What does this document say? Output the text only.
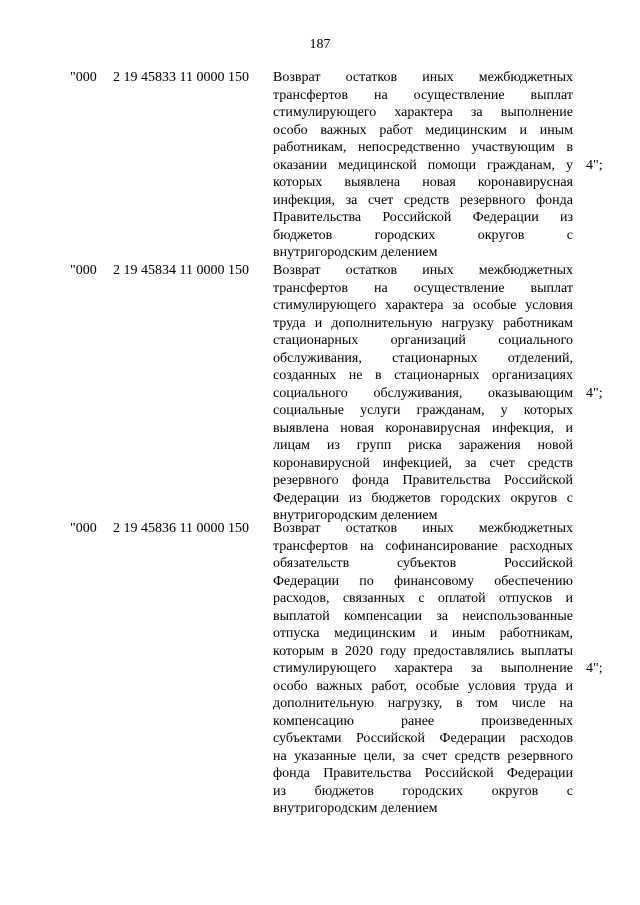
187
"000 2 19 45833 11 0000 150 Возврат остатков иных межбюджетных
трансфертов на осуществление выплат
стимулирующего характера за выполнение
особо важных работ медицинским и иным
работникам, непосредственно участвующим в
оказании медицинской помощи гражданам, у
которых выявлена новая коронавирусная
инфекция, за счет средств резервного фонда
Правительства Российской Федерации из
бюджетов городских округов с
внутригородским делением
4";
"000 2 19 45834 11 0000 150 Возврат остатков иных межбюджетных
трансфертов на осуществление выплат
стимулирующего характера за особые условия
труда и дополнительную нагрузку работникам
стационарных организаций социального
обслуживания, стационарных отделений,
созданных не в стационарных организациях
социального обслуживания, оказывающим
социальные услуги гражданам, у которых
выявлена новая коронавирусная инфекция, и
лицам из групп риска заражения новой
коронавирусной инфекцией, за счет средств
резервного фонда Правительства Российской
Федерации из бюджетов городских округов с
внутригородским делением
4";
"000 2 19 45836 11 0000 150 Возврат остатков иных межбюджетных
трансфертов на софинансирование расходных
обязательств субъектов Российской
Федерации по финансовому обеспечению
расходов, связанных с оплатой отпусков и
выплатой компенсации за неиспользованные
отпуска медицинским и иным работникам,
которым в 2020 году предоставлялись выплаты
стимулирующего характера за выполнение
особо важных работ, особые условия труда и
дополнительную нагрузку, в том числе на
компенсацию ранее произведенных
субъектами Российской Федерации расходов
на указанные цели, за счет средств резервного
фонда Правительства Российской Федерации
из бюджетов городских округов с
внутригородским делением
4";
